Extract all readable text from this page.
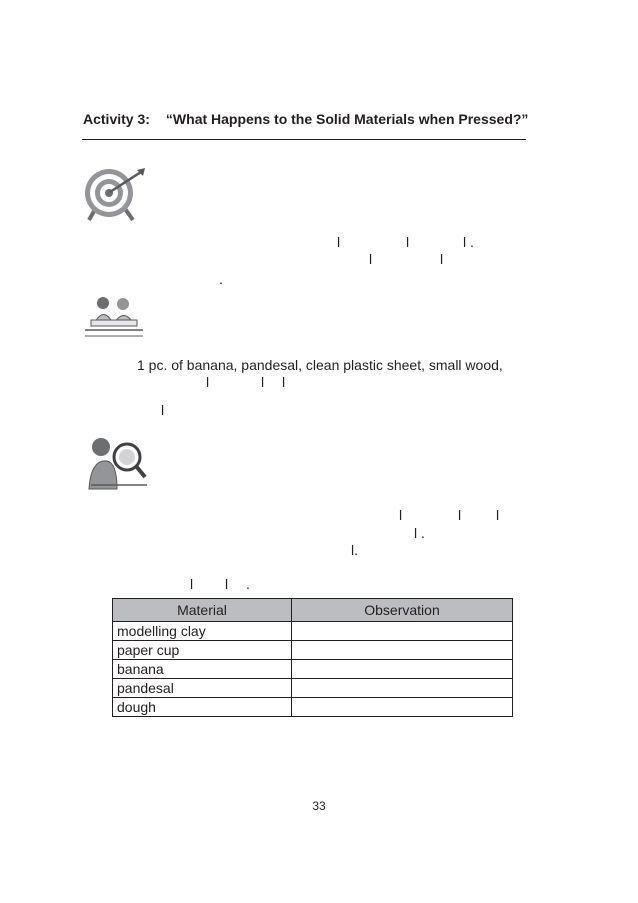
Activity 3: “What Happens to the Solid Materials when Pressed?”
l	l	l .
l	l
.
1 pc. of banana, pandesal, clean plastic sheet, small wood,
l	l l
l
l	l l
l .
l.
l l .
Material	Observation
modelling clay	
paper cup	
banana	
pandesal	
dough	
33
